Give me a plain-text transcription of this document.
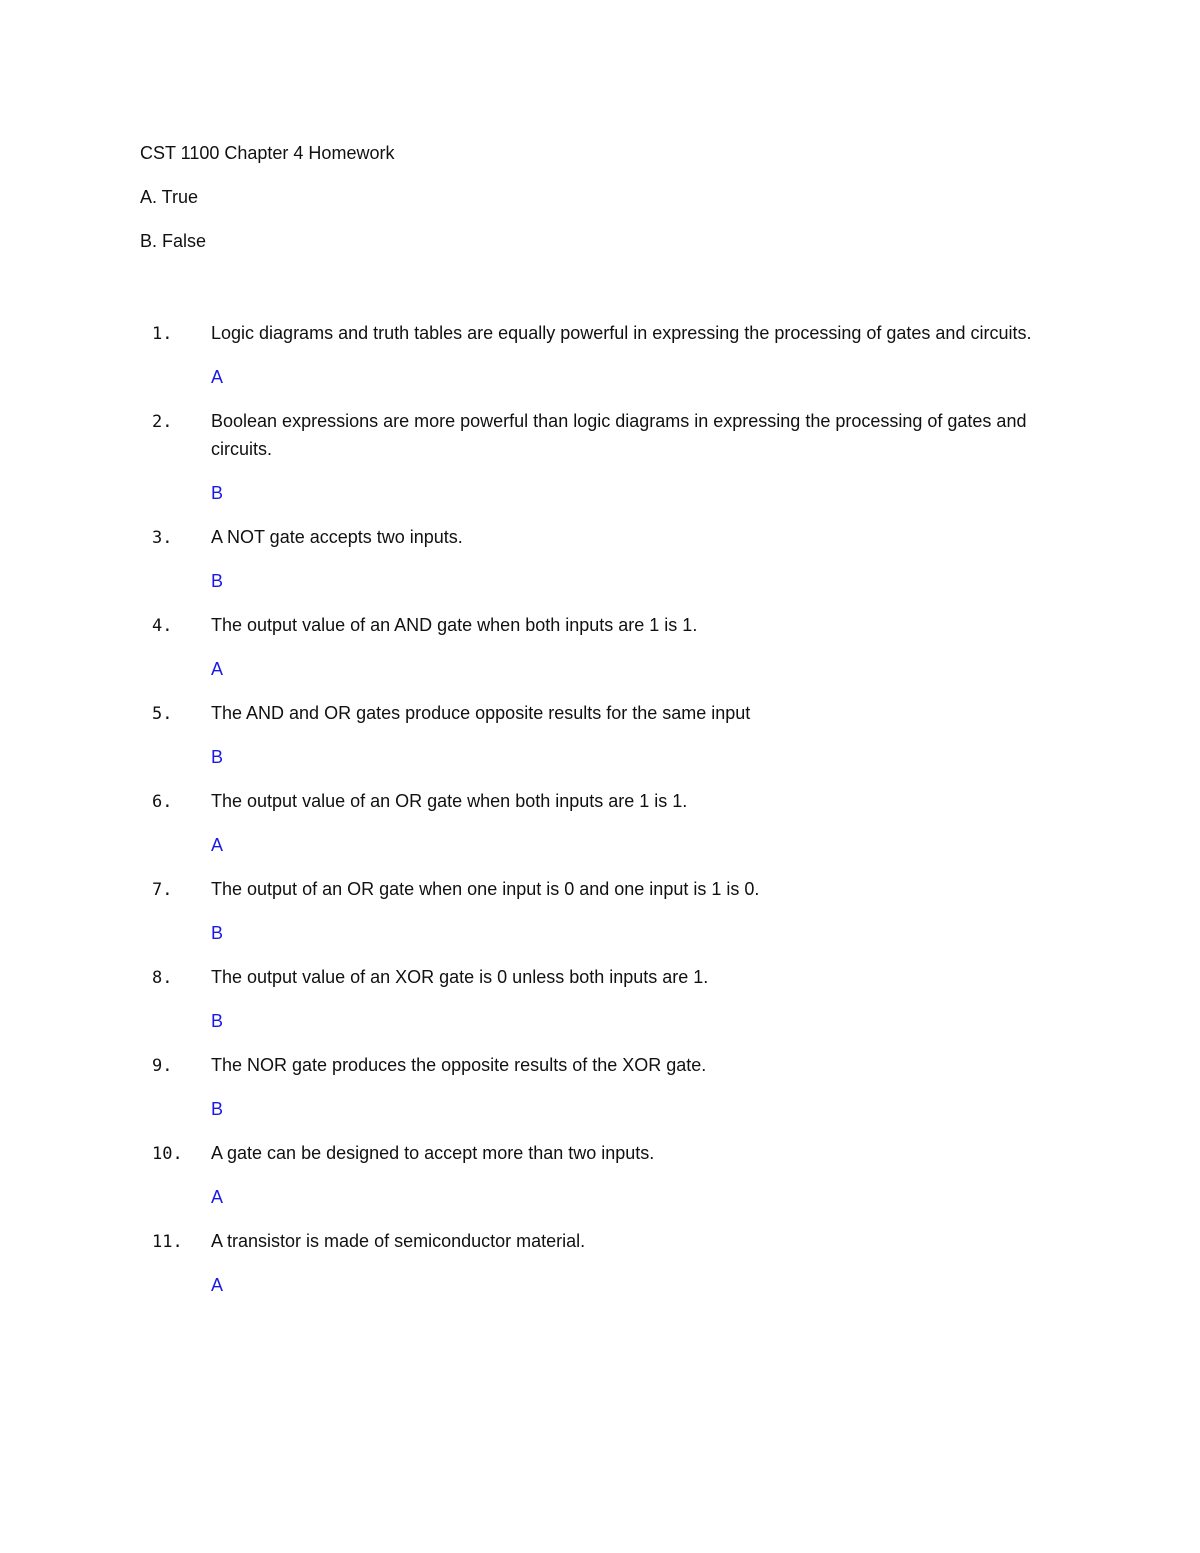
CST 1100 Chapter 4 Homework
A. True
B. False
1. Logic diagrams and truth tables are equally powerful in expressing the processing of gates and circuits.
A
2. Boolean expressions are more powerful than logic diagrams in expressing the processing of gates and circuits.
B
3. A NOT gate accepts two inputs.
B
4. The output value of an AND gate when both inputs are 1 is 1.
A
5. The AND and OR gates produce opposite results for the same input
B
6. The output value of an OR gate when both inputs are 1 is 1.
A
7. The output of an OR gate when one input is 0 and one input is 1 is 0.
B
8. The output value of an XOR gate is 0 unless both inputs are 1.
B
9. The NOR gate produces the opposite results of the XOR gate.
B
10. A gate can be designed to accept more than two inputs.
A
11. A transistor is made of semiconductor material.
A
